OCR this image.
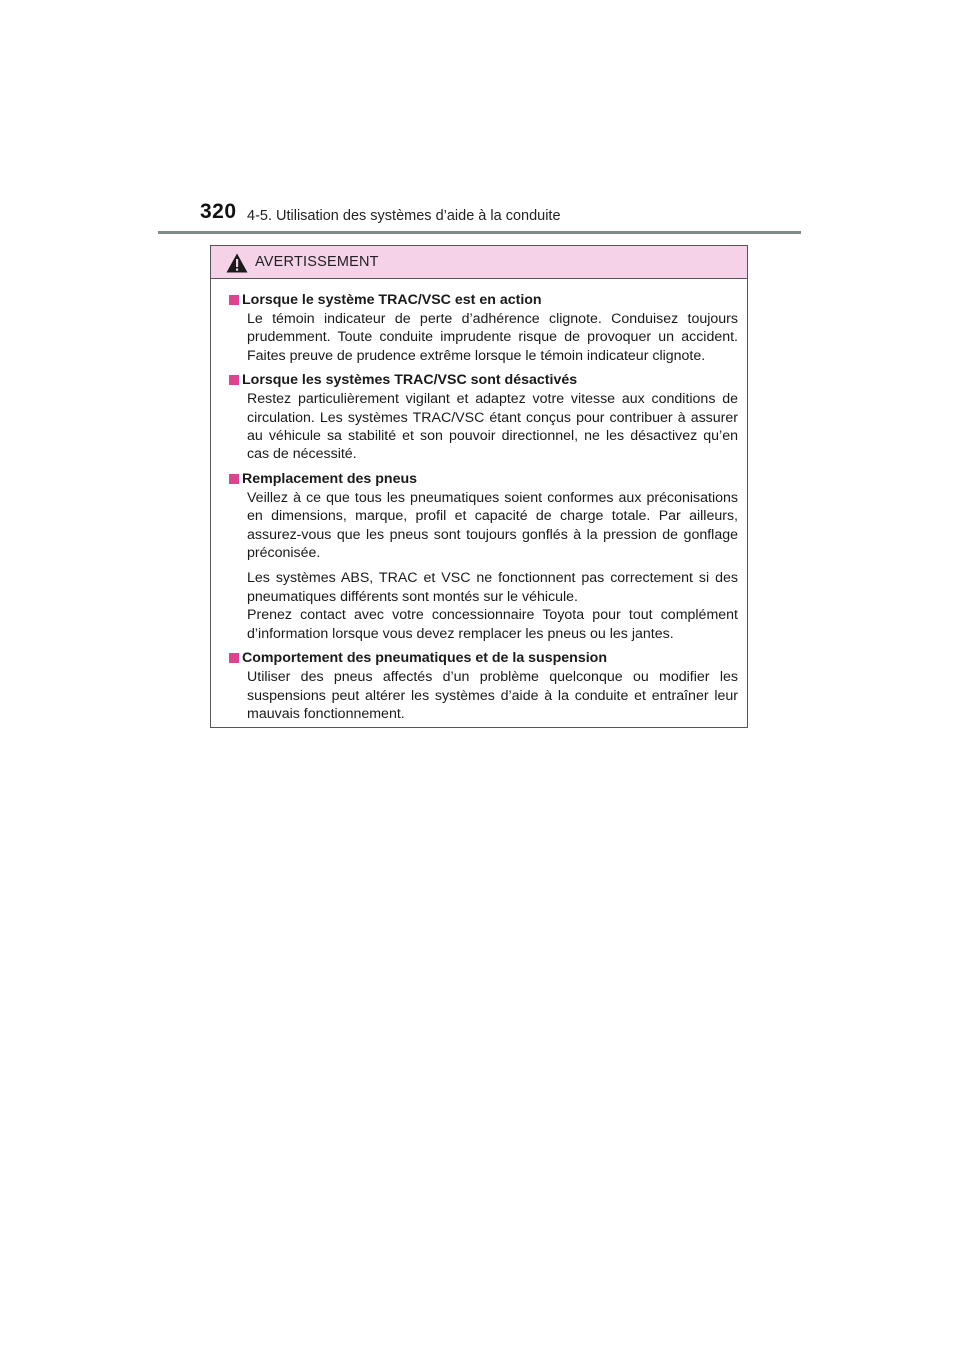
320 4-5. Utilisation des systèmes d’aide à la conduite
AVERTISSEMENT
Lorsque le système TRAC/VSC est en action

Le témoin indicateur de perte d’adhérence clignote. Conduisez toujours prudemment. Toute conduite imprudente risque de provoquer un accident. Faites preuve de prudence extrême lorsque le témoin indicateur clignote.

Lorsque les systèmes TRAC/VSC sont désactivés

Restez particulièrement vigilant et adaptez votre vitesse aux conditions de circulation. Les systèmes TRAC/VSC étant conçus pour contribuer à assurer au véhicule sa stabilité et son pouvoir directionnel, ne les désactivez qu’en cas de nécessité.

Remplacement des pneus

Veillez à ce que tous les pneumatiques soient conformes aux préconisations en dimensions, marque, profil et capacité de charge totale. Par ailleurs, assurez-vous que les pneus sont toujours gonflés à la pression de gonflage préconisée.

Les systèmes ABS, TRAC et VSC ne fonctionnent pas correctement si des pneumatiques différents sont montés sur le véhicule.

Prenez contact avec votre concessionnaire Toyota pour tout complément d’information lorsque vous devez remplacer les pneus ou les jantes.

Comportement des pneumatiques et de la suspension

Utiliser des pneus affectés d’un problème quelconque ou modifier les suspensions peut altérer les systèmes d’aide à la conduite et entraîner leur mauvais fonctionnement.
